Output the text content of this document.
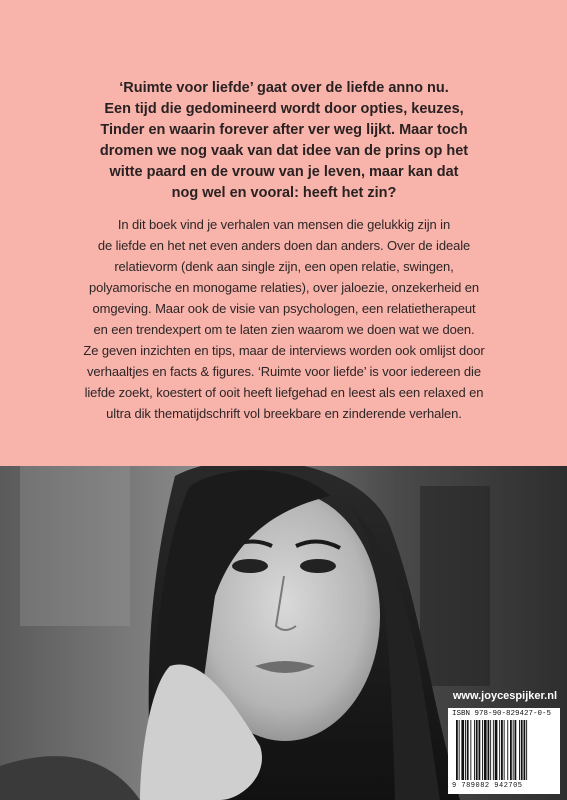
‘Ruimte voor liefde’ gaat over de liefde anno nu.
Een tijd die gedomineerd wordt door opties, keuzes,
Tinder en waarin forever after ver weg lijkt. Maar toch
dromen we nog vaak van dat idee van de prins op het
witte paard en de vrouw van je leven, maar kan dat
nog wel en vooral: heeft het zin?

In dit boek vind je verhalen van mensen die gelukkig zijn in
de liefde en het net even anders doen dan anders. Over de ideale
relatievorm (denk aan single zijn, een open relatie, swingen,
polyamorische en monogame relaties), over jaloezie, onzekerheid en
omgeving. Maar ook de visie van psychologen, een relatietherapeut
en een trendexpert om te laten zien waarom we doen wat we doen.
Ze geven inzichten en tips, maar de interviews worden ook omlijst door
verhaaltjes en facts & figures. ‘Ruimte voor liefde’ is voor iedereen die
liefde zoekt, koestert of ooit heeft liefgehad en leest als een relaxed en
ultra dik thematijdschrift vol breekbare en zinderende verhalen.

www.joycespijker.nl
ISBN 978-90-829427-0-5
9 789082 942705
